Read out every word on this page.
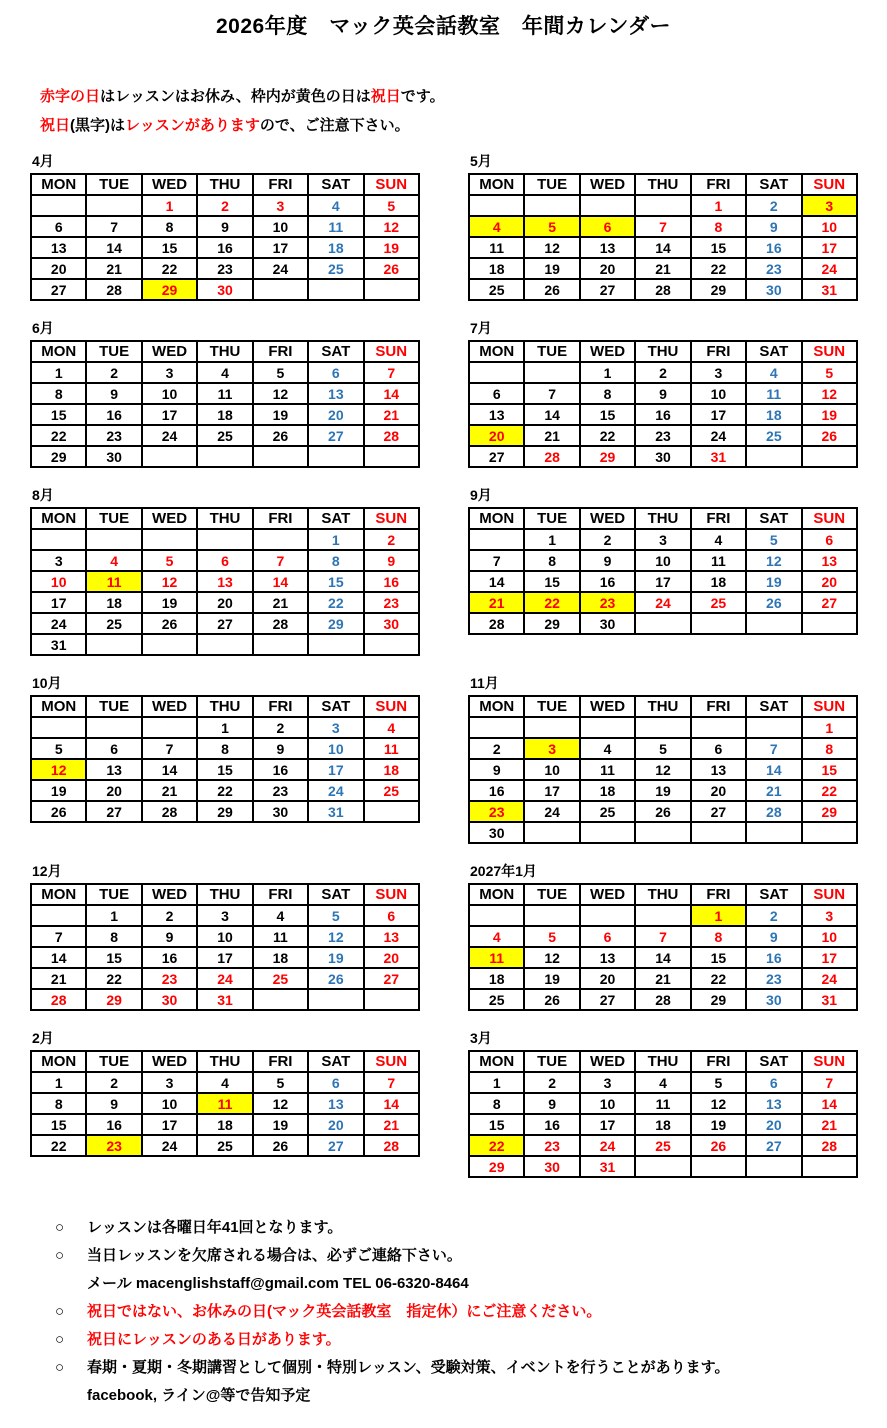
2026年度　マック英会話教室　年間カレンダー
赤字の日はレッスンはお休み、枠内が黄色の日は祝日です。
祝日(黒字)はレッスンがありますので、ご注意下さい。
4月
MON	TUE	WED	THU	FRI	SAT	SUN
		1	2	3	4	5
6	7	8	9	10	11	12
13	14	15	16	17	18	19
20	21	22	23	24	25	26
27	28	29	30			
5月
MON	TUE	WED	THU	FRI	SAT	SUN
				1	2	3
4	5	6	7	8	9	10
11	12	13	14	15	16	17
18	19	20	21	22	23	24
25	26	27	28	29	30	31
6月
MON	TUE	WED	THU	FRI	SAT	SUN
1	2	3	4	5	6	7
8	9	10	11	12	13	14
15	16	17	18	19	20	21
22	23	24	25	26	27	28
29	30					
7月
MON	TUE	WED	THU	FRI	SAT	SUN
		1	2	3	4	5
6	7	8	9	10	11	12
13	14	15	16	17	18	19
20	21	22	23	24	25	26
27	28	29	30	31		
8月
MON	TUE	WED	THU	FRI	SAT	SUN
					1	2
3	4	5	6	7	8	9
10	11	12	13	14	15	16
17	18	19	20	21	22	23
24	25	26	27	28	29	30
31						
9月
MON	TUE	WED	THU	FRI	SAT	SUN
	1	2	3	4	5	6
7	8	9	10	11	12	13
14	15	16	17	18	19	20
21	22	23	24	25	26	27
28	29	30				
10月
MON	TUE	WED	THU	FRI	SAT	SUN
			1	2	3	4
5	6	7	8	9	10	11
12	13	14	15	16	17	18
19	20	21	22	23	24	25
26	27	28	29	30	31	
11月
MON	TUE	WED	THU	FRI	SAT	SUN
						1
2	3	4	5	6	7	8
9	10	11	12	13	14	15
16	17	18	19	20	21	22
23	24	25	26	27	28	29
30						
12月
MON	TUE	WED	THU	FRI	SAT	SUN
	1	2	3	4	5	6
7	8	9	10	11	12	13
14	15	16	17	18	19	20
21	22	23	24	25	26	27
28	29	30	31			
2027年1月
MON	TUE	WED	THU	FRI	SAT	SUN
				1	2	3
4	5	6	7	8	9	10
11	12	13	14	15	16	17
18	19	20	21	22	23	24
25	26	27	28	29	30	31
2月
MON	TUE	WED	THU	FRI	SAT	SUN
1	2	3	4	5	6	7
8	9	10	11	12	13	14
15	16	17	18	19	20	21
22	23	24	25	26	27	28
3月
MON	TUE	WED	THU	FRI	SAT	SUN
1	2	3	4	5	6	7
8	9	10	11	12	13	14
15	16	17	18	19	20	21
22	23	24	25	26	27	28
29	30	31				
○	レッスンは各曜日年41回となります。
○	当日レッスンを欠席される場合は、必ずご連絡下さい。
メール macenglishstaff@gmail.com TEL 06-6320-8464
○	祝日ではない、お休みの日(マック英会話教室　指定休）にご注意ください。
○	祝日にレッスンのある日があります。
○	春期・夏期・冬期講習として個別・特別レッスン、受験対策、イベントを行うことがあります。
facebook, ライン@等で告知予定
